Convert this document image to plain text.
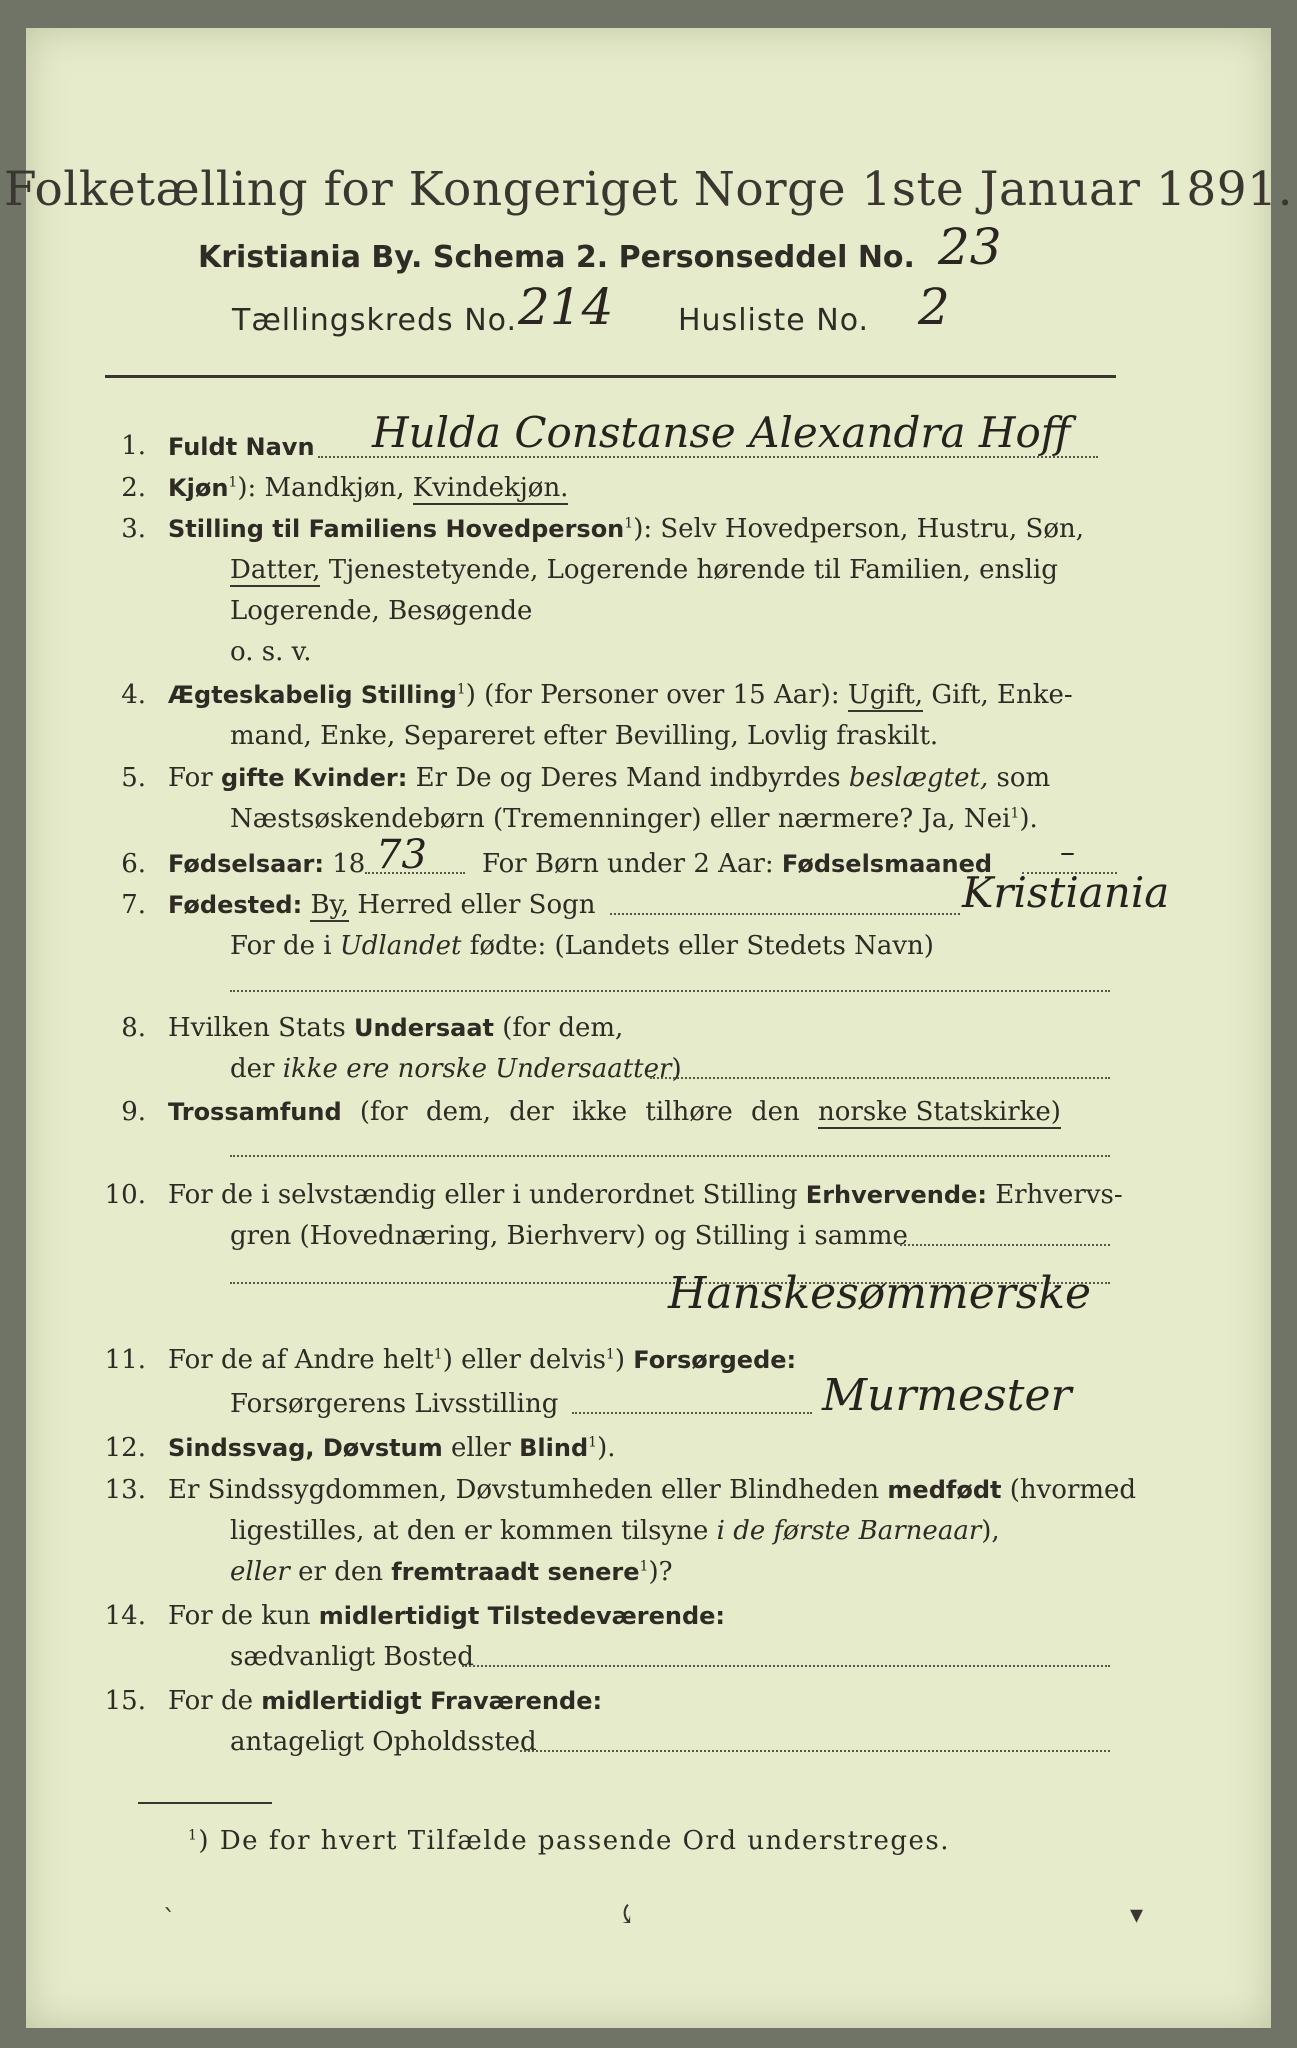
Folketælling for Kongeriget Norge 1ste Januar 1891.
Kristiania By. Schema 2. Personseddel No. 23
Tællingskreds No. 214 Husliste No. 2
1. Fuldt Navn Hulda Constanse Alexandra Hoff
2. Kjøn$^1$): Mandkjøn, Kvindekjøn.
3. Stilling til Familiens Hovedperson$^1$): Selv Hovedperson, Hustru, Søn,
Datter, Tjenestetyende, Logerende hørende til Familien, enslig
Logerende, Besøgende
o. s. v.
4. Ægteskabelig Stilling$^1$) (for Personer over 15 Aar): Ugift, Gift, Enke-
mand, Enke, Separeret efter Bevilling, Lovlig fraskilt.
5. For gifte Kvinder: Er De og Deres Mand indbyrdes beslægtet, som
Næstsøskendebørn (Tremenninger) eller nærmere? Ja, Nei$^1$).
6. Fødselsaar: 18 73 For Børn under 2 Aar: Fødselsmaaned –
7. Fødested: By, Herred eller Sogn	Kristiania
For de i Udlandet fødte: (Landets eller Stedets Navn)
8. Hvilken Stats Undersaat (for dem,
der ikke ere norske Undersaatter)
9. Trossamfund (for dem, der ikke tilhøre den norske Statskirke)
10. For de i selvstændig eller i underordnet Stilling Erhvervende: Erhvervs-
gren (Hovednæring, Bierhverv) og Stilling i samme
Hanskesømmerske
11. For de af Andre helt$^1$) eller delvis$^1$) Forsørgede:
Forsørgerens Livsstilling	Murmester
12. Sindssvag, Døvstum eller Blind$^1$).
13. Er Sindssygdommen, Døvstumheden eller Blindheden medfødt (hvormed
ligestilles, at den er kommen tilsyne i de første Barneaar),
eller er den fremtraadt senere$^1$)?
14. For de kun midlertidigt Tilstedeværende:
sædvanligt Bosted
15. For de midlertidigt Fraværende:
antageligt Opholdssted
$^1$) De for hvert Tilfælde passende Ord understreges.
ˋ	⤹	▾
